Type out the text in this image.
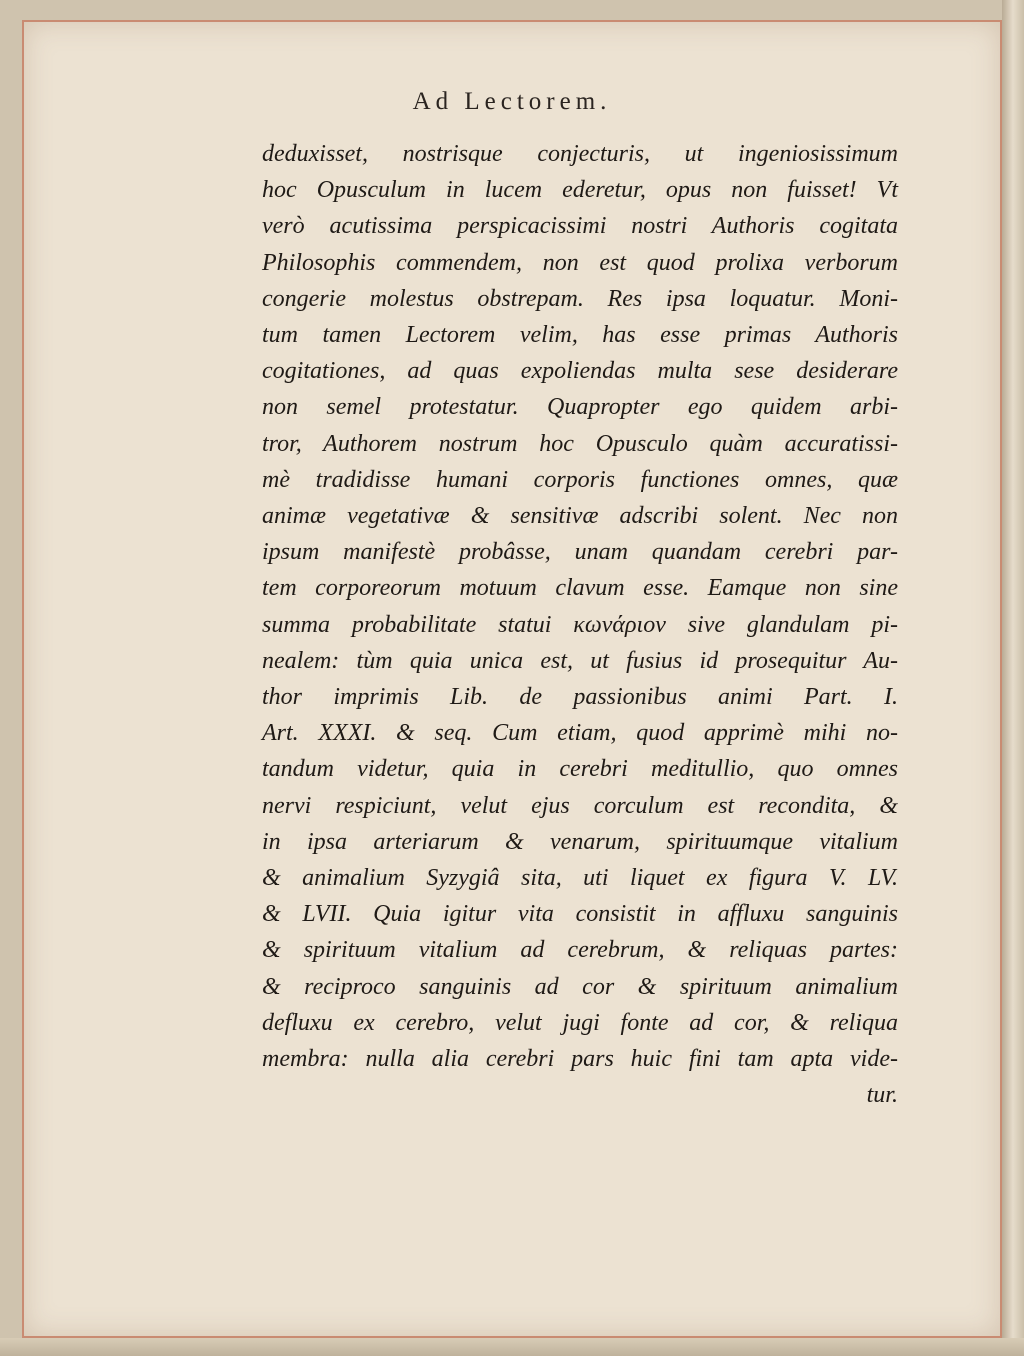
Ad Lectorem.
deduxisset, nostrisque conjecturis, ut ingeniosissimum
hoc Opusculum in lucem ederetur, opus non fuisset! Vt
verò acutissima perspicacissimi nostri Authoris cogitata
Philosophis commendem, non est quod prolixa verborum
congerie molestus obstrepam. Res ipsa loquatur. Moni-
tum tamen Lectorem velim, has esse primas Authoris
cogitationes, ad quas expoliendas multa sese desiderare
non semel protestatur. Quapropter ego quidem arbi-
tror, Authorem nostrum hoc Opusculo quàm accuratissi-
mè tradidisse humani corporis functiones omnes, quæ
animæ vegetativæ & sensitivæ adscribi solent. Nec non
ipsum manifestè probâsse, unam quandam cerebri par-
tem corporeorum motuum clavum esse. Eamque non sine
summa probabilitate statui κωνάριον sive glandulam pi-
nealem: tùm quia unica est, ut fusius id prosequitur Au-
thor imprimis Lib. de passionibus animi Part. I.
Art. XXXI. & seq. Cum etiam, quod apprimè mihi no-
tandum videtur, quia in cerebri meditullio, quo omnes
nervi respiciunt, velut ejus corculum est recondita, &
in ipsa arteriarum & venarum, spirituumque vitalium
& animalium Syzygiâ sita, uti liquet ex figura V. LV.
& LVII. Quia igitur vita consistit in affluxu sanguinis
& spirituum vitalium ad cerebrum, & reliquas partes:
& reciproco sanguinis ad cor & spirituum animalium
defluxu ex cerebro, velut jugi fonte ad cor, & reliqua
membra: nulla alia cerebri pars huic fini tam apta vide-
tur.
